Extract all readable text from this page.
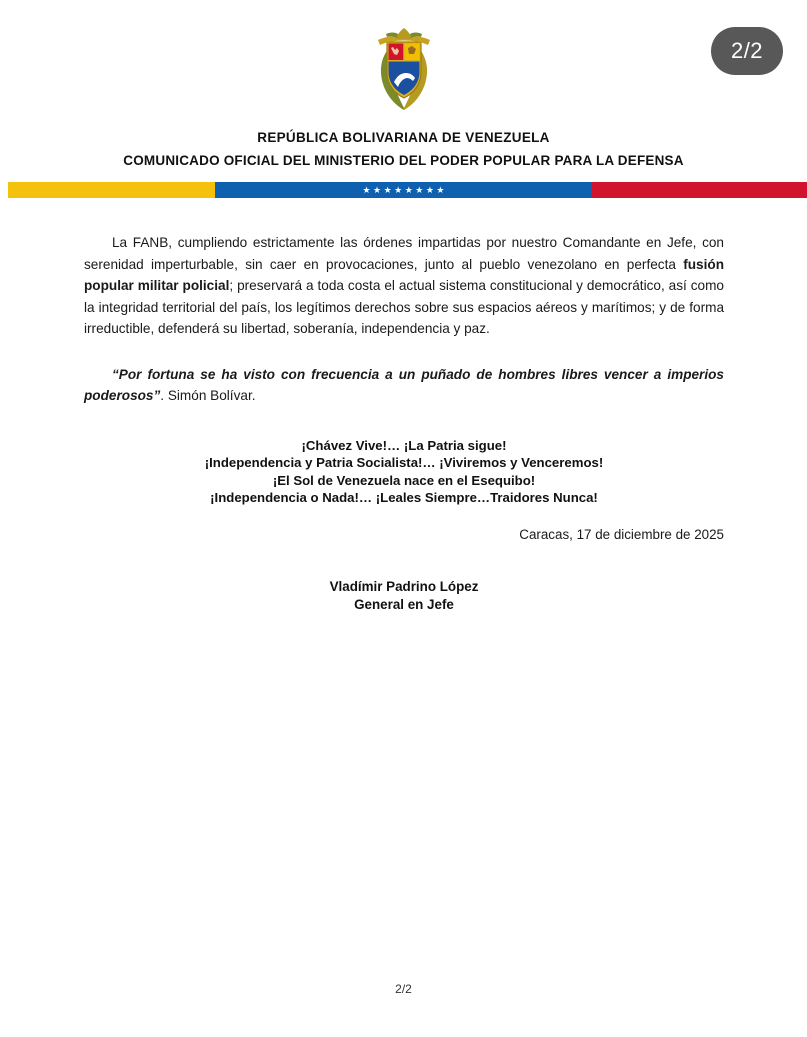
2/2
REPÚBLICA BOLIVARIANA DE VENEZUELA
COMUNICADO OFICIAL DEL MINISTERIO DEL PODER POPULAR PARA LA DEFENSA
★ ★ ★ ★ ★ ★ ★ ★

La FANB, cumpliendo estrictamente las órdenes impartidas por nuestro Comandante en Jefe, con serenidad imperturbable, sin caer en provocaciones, junto al pueblo venezolano en perfecta fusión popular militar policial; preservará a toda costa el actual sistema constitucional y democrático, así como la integridad territorial del país, los legítimos derechos sobre sus espacios aéreos y marítimos; y de forma irreductible, defenderá su libertad, soberanía, independencia y paz.

“Por fortuna se ha visto con frecuencia a un puñado de hombres libres vencer a imperios poderosos”. Simón Bolívar.

¡Chávez Vive!… ¡La Patria sigue!
¡Independencia y Patria Socialista!… ¡Viviremos y Venceremos!
¡El Sol de Venezuela nace en el Esequibo!
¡Independencia o Nada!… ¡Leales Siempre…Traidores Nunca!
Caracas, 17 de diciembre de 2025
Vladímir Padrino López
General en Jefe
2/2
